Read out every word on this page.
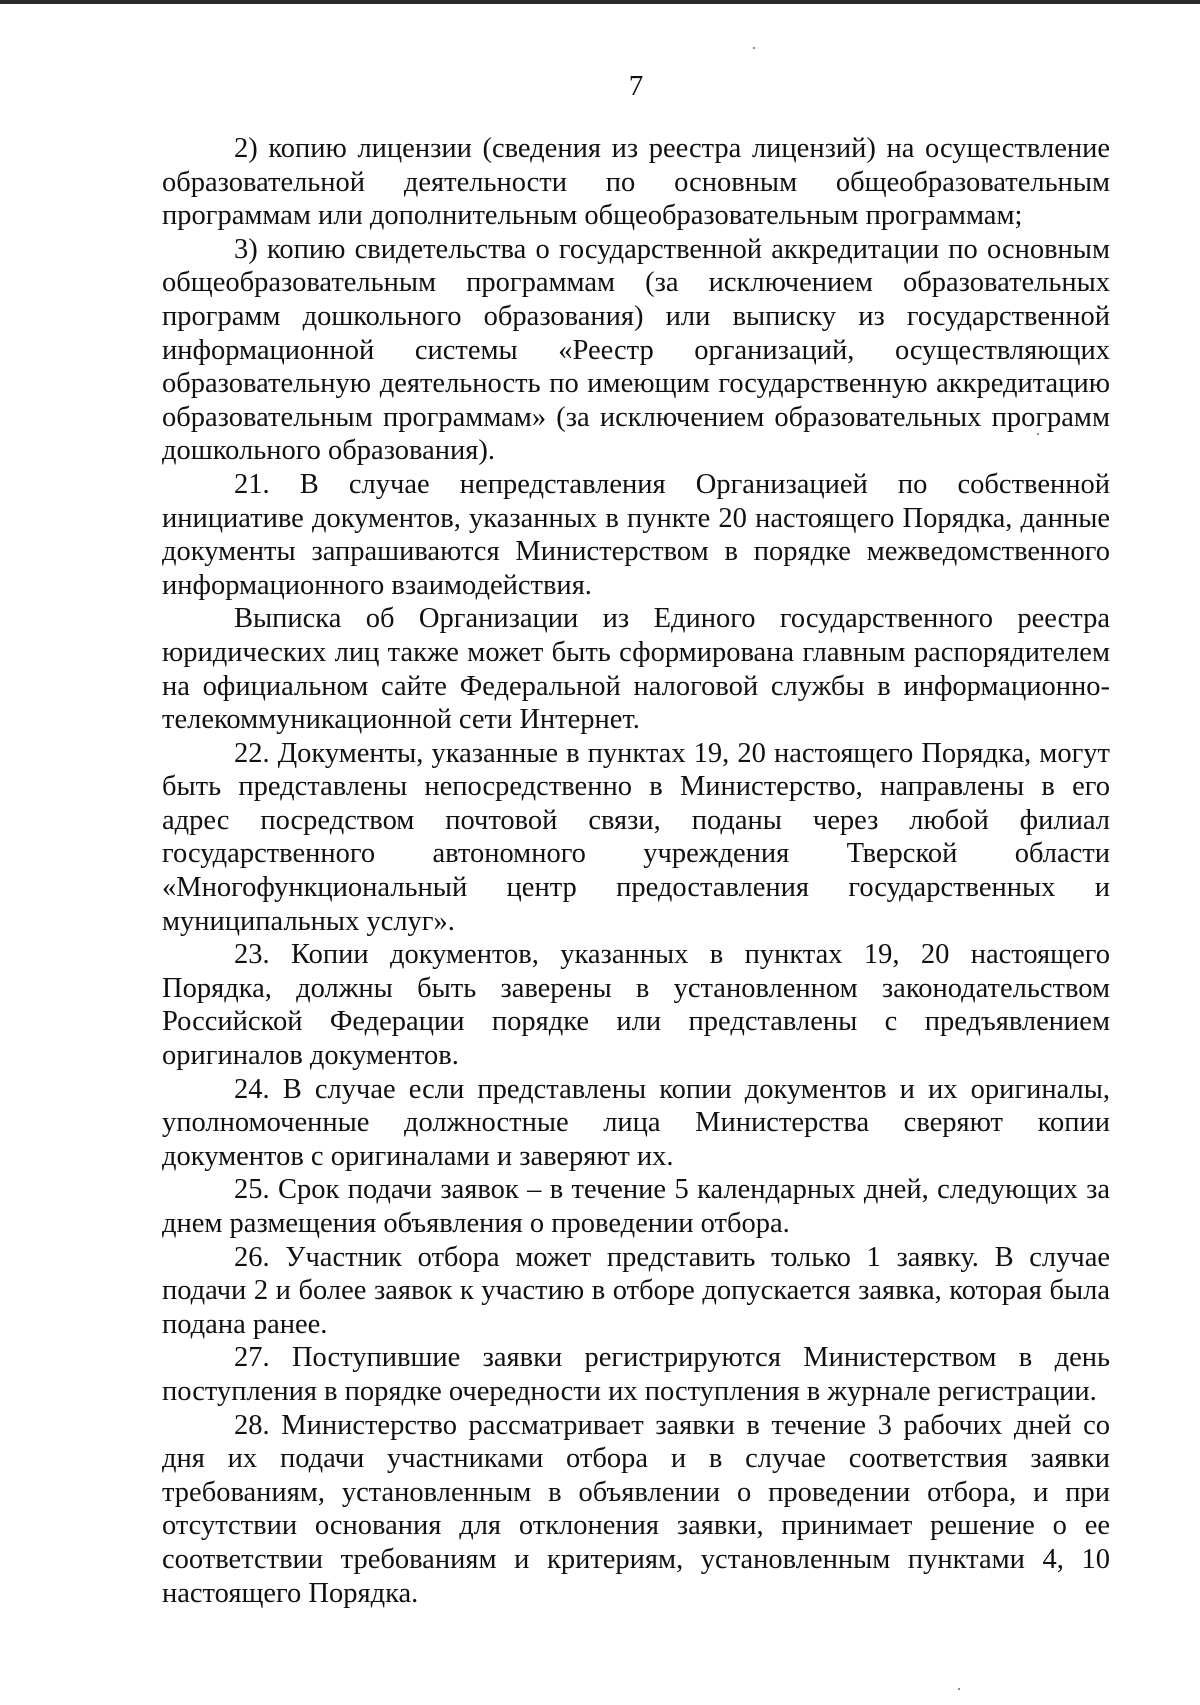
7

2) копию лицензии (сведения из реестра лицензий) на осуществление образовательной деятельности по основным общеобразовательным программам или дополнительным общеобразовательным программам;

3) копию свидетельства о государственной аккредитации по основным общеобразовательным программам (за исключением образовательных программ дошкольного образования) или выписку из государственной информационной системы «Реестр организаций, осуществляющих образовательную деятельность по имеющим государственную аккредитацию образовательным программам» (за исключением образовательных программ дошкольного образования).

21. В случае непредставления Организацией по собственной инициативе документов, указанных в пункте 20 настоящего Порядка, данные документы запрашиваются Министерством в порядке межведомственного информационного взаимодействия.

Выписка об Организации из Единого государственного реестра юридических лиц также может быть сформирована главным распорядителем на официальном сайте Федеральной налоговой службы в информационно-телекоммуникационной сети Интернет.

22. Документы, указанные в пунктах 19, 20 настоящего Порядка, могут быть представлены непосредственно в Министерство, направлены в его адрес посредством почтовой связи, поданы через любой филиал государственного автономного учреждения Тверской области «Многофункциональный центр предоставления государственных и муниципальных услуг».

23. Копии документов, указанных в пунктах 19, 20 настоящего Порядка, должны быть заверены в установленном законодательством Российской Федерации порядке или представлены с предъявлением оригиналов документов.

24. В случае если представлены копии документов и их оригиналы, уполномоченные должностные лица Министерства сверяют копии документов с оригиналами и заверяют их.

25. Срок подачи заявок – в течение 5 календарных дней, следующих за днем размещения объявления о проведении отбора.

26. Участник отбора может представить только 1 заявку. В случае подачи 2 и более заявок к участию в отборе допускается заявка, которая была подана ранее.

27. Поступившие заявки регистрируются Министерством в день поступления в порядке очередности их поступления в журнале регистрации.

28. Министерство рассматривает заявки в течение 3 рабочих дней со дня их подачи участниками отбора и в случае соответствия заявки требованиям, установленным в объявлении о проведении отбора, и при отсутствии основания для отклонения заявки, принимает решение о ее соответствии требованиям и критериям, установленным пунктами 4, 10 настоящего Порядка.
